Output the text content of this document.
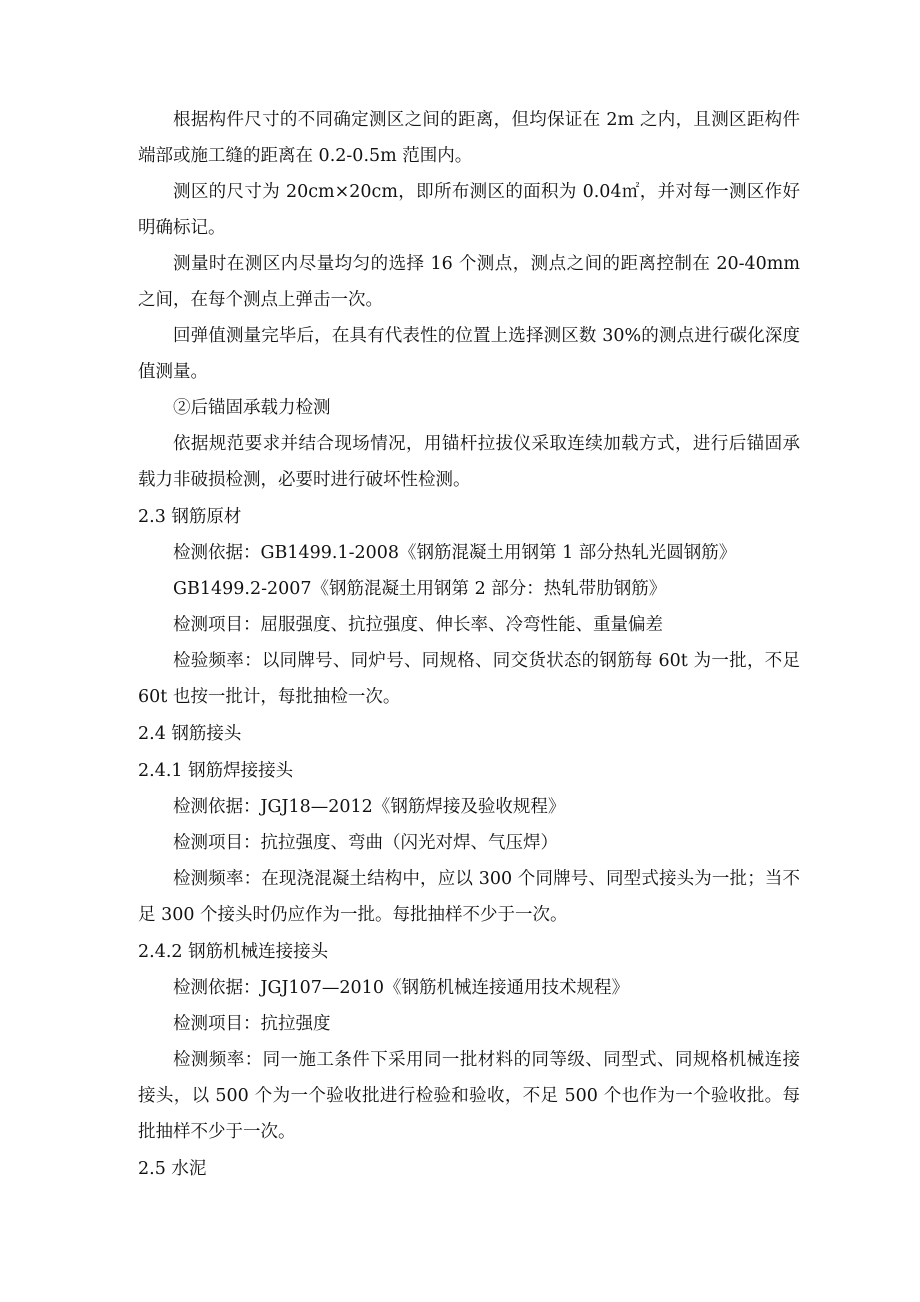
根据构件尺寸的不同确定测区之间的距离，但均保证在 2m 之内，且测区距构件端部或施工缝的距离在 0.2-0.5m 范围内。

测区的尺寸为 20cm×20cm，即所布测区的面积为 0.04㎡，并对每一测区作好明确标记。

测量时在测区内尽量均匀的选择 16 个测点，测点之间的距离控制在 20-40mm 之间，在每个测点上弹击一次。

回弹值测量完毕后，在具有代表性的位置上选择测区数 30%的测点进行碳化深度值测量。

②后锚固承载力检测

依据规范要求并结合现场情况，用锚杆拉拔仪采取连续加载方式，进行后锚固承载力非破损检测，必要时进行破坏性检测。

2.3 钢筋原材

检测依据：GB1499.1-2008《钢筋混凝土用钢第 1 部分热轧光圆钢筋》

GB1499.2-2007《钢筋混凝土用钢第 2 部分：热轧带肋钢筋》

检测项目：屈服强度、抗拉强度、伸长率、冷弯性能、重量偏差

检验频率：以同牌号、同炉号、同规格、同交货状态的钢筋每 60t 为一批，不足 60t 也按一批计，每批抽检一次。

2.4 钢筋接头

2.4.1 钢筋焊接接头

检测依据：JGJ18—2012《钢筋焊接及验收规程》

检测项目：抗拉强度、弯曲（闪光对焊、气压焊）

检测频率：在现浇混凝土结构中，应以 300 个同牌号、同型式接头为一批；当不足 300 个接头时仍应作为一批。每批抽样不少于一次。

2.4.2 钢筋机械连接接头

检测依据：JGJ107—2010《钢筋机械连接通用技术规程》

检测项目：抗拉强度

检测频率：同一施工条件下采用同一批材料的同等级、同型式、同规格机械连接接头，以 500 个为一个验收批进行检验和验收，不足 500 个也作为一个验收批。每批抽样不少于一次。

2.5 水泥
